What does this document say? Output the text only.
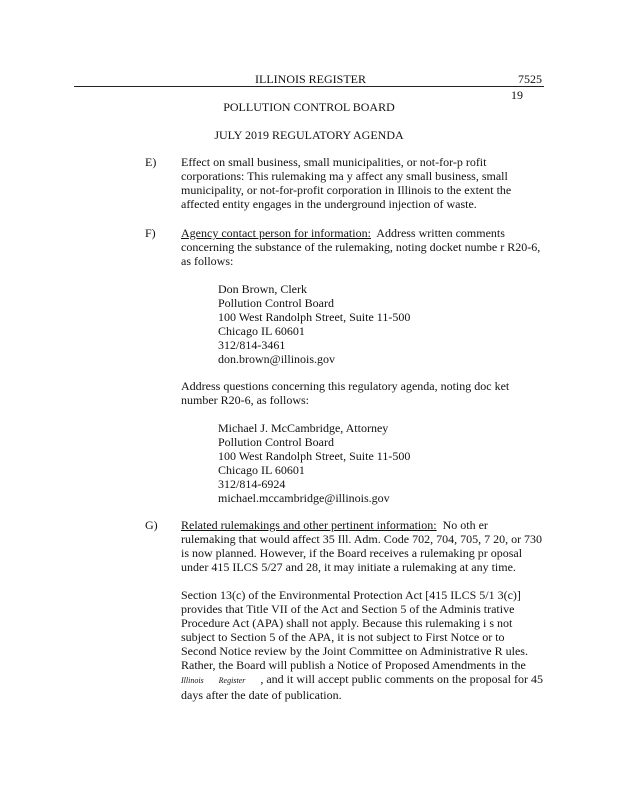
ILLINOIS REGISTER	7525
19
POLLUTION CONTROL BOARD
JULY 2019 REGULATORY AGENDA
E) Effect on small business, small municipalities, or not-for-p rofit
corporations: This rulemaking ma y affect any small business, small
municipality, or not-for-profit corporation in Illinois to the extent the
affected entity engages in the underground injection of waste.
F) Agency contact person for information:  Address written comments
concerning the substance of the rulemaking, noting docket numbe r R20-6,
as follows:
Don Brown, Clerk
Pollution Control Board
100 West Randolph Street, Suite 11-500
Chicago IL 60601
312/814-3461
don.brown@illinois.gov
Address questions concerning this regulatory agenda, noting doc ket
number R20-6, as follows:
Michael J. McCambridge, Attorney
Pollution Control Board
100 West Randolph Street, Suite 11-500
Chicago IL 60601
312/814-6924
michael.mccambridge@illinois.gov
G) Related rulemakings and other pertinent information:  No oth er
rulemaking that would affect 35 Ill. Adm. Code 702, 704, 705, 7 20, or 730
is now planned. However, if the Board receives a rulemaking pr oposal
under 415 ILCS 5/27 and 28, it may initiate a rulemaking at any time.
Section 13(c) of the Environmental Protection Act [415 ILCS 5/1 3(c)]
provides that Title VII of the Act and Section 5 of the Adminis trative
Procedure Act (APA) shall not apply. Because this rulemaking i s not
subject to Section 5 of the APA, it is not subject to First Notce or to
Second Notice review by the Joint Committee on Administrative R ules.
Rather, the Board will publish a Notice of Proposed Amendments in the
Illinois Register , and it will accept public comments on the proposal for 45
days after the date of publication.
